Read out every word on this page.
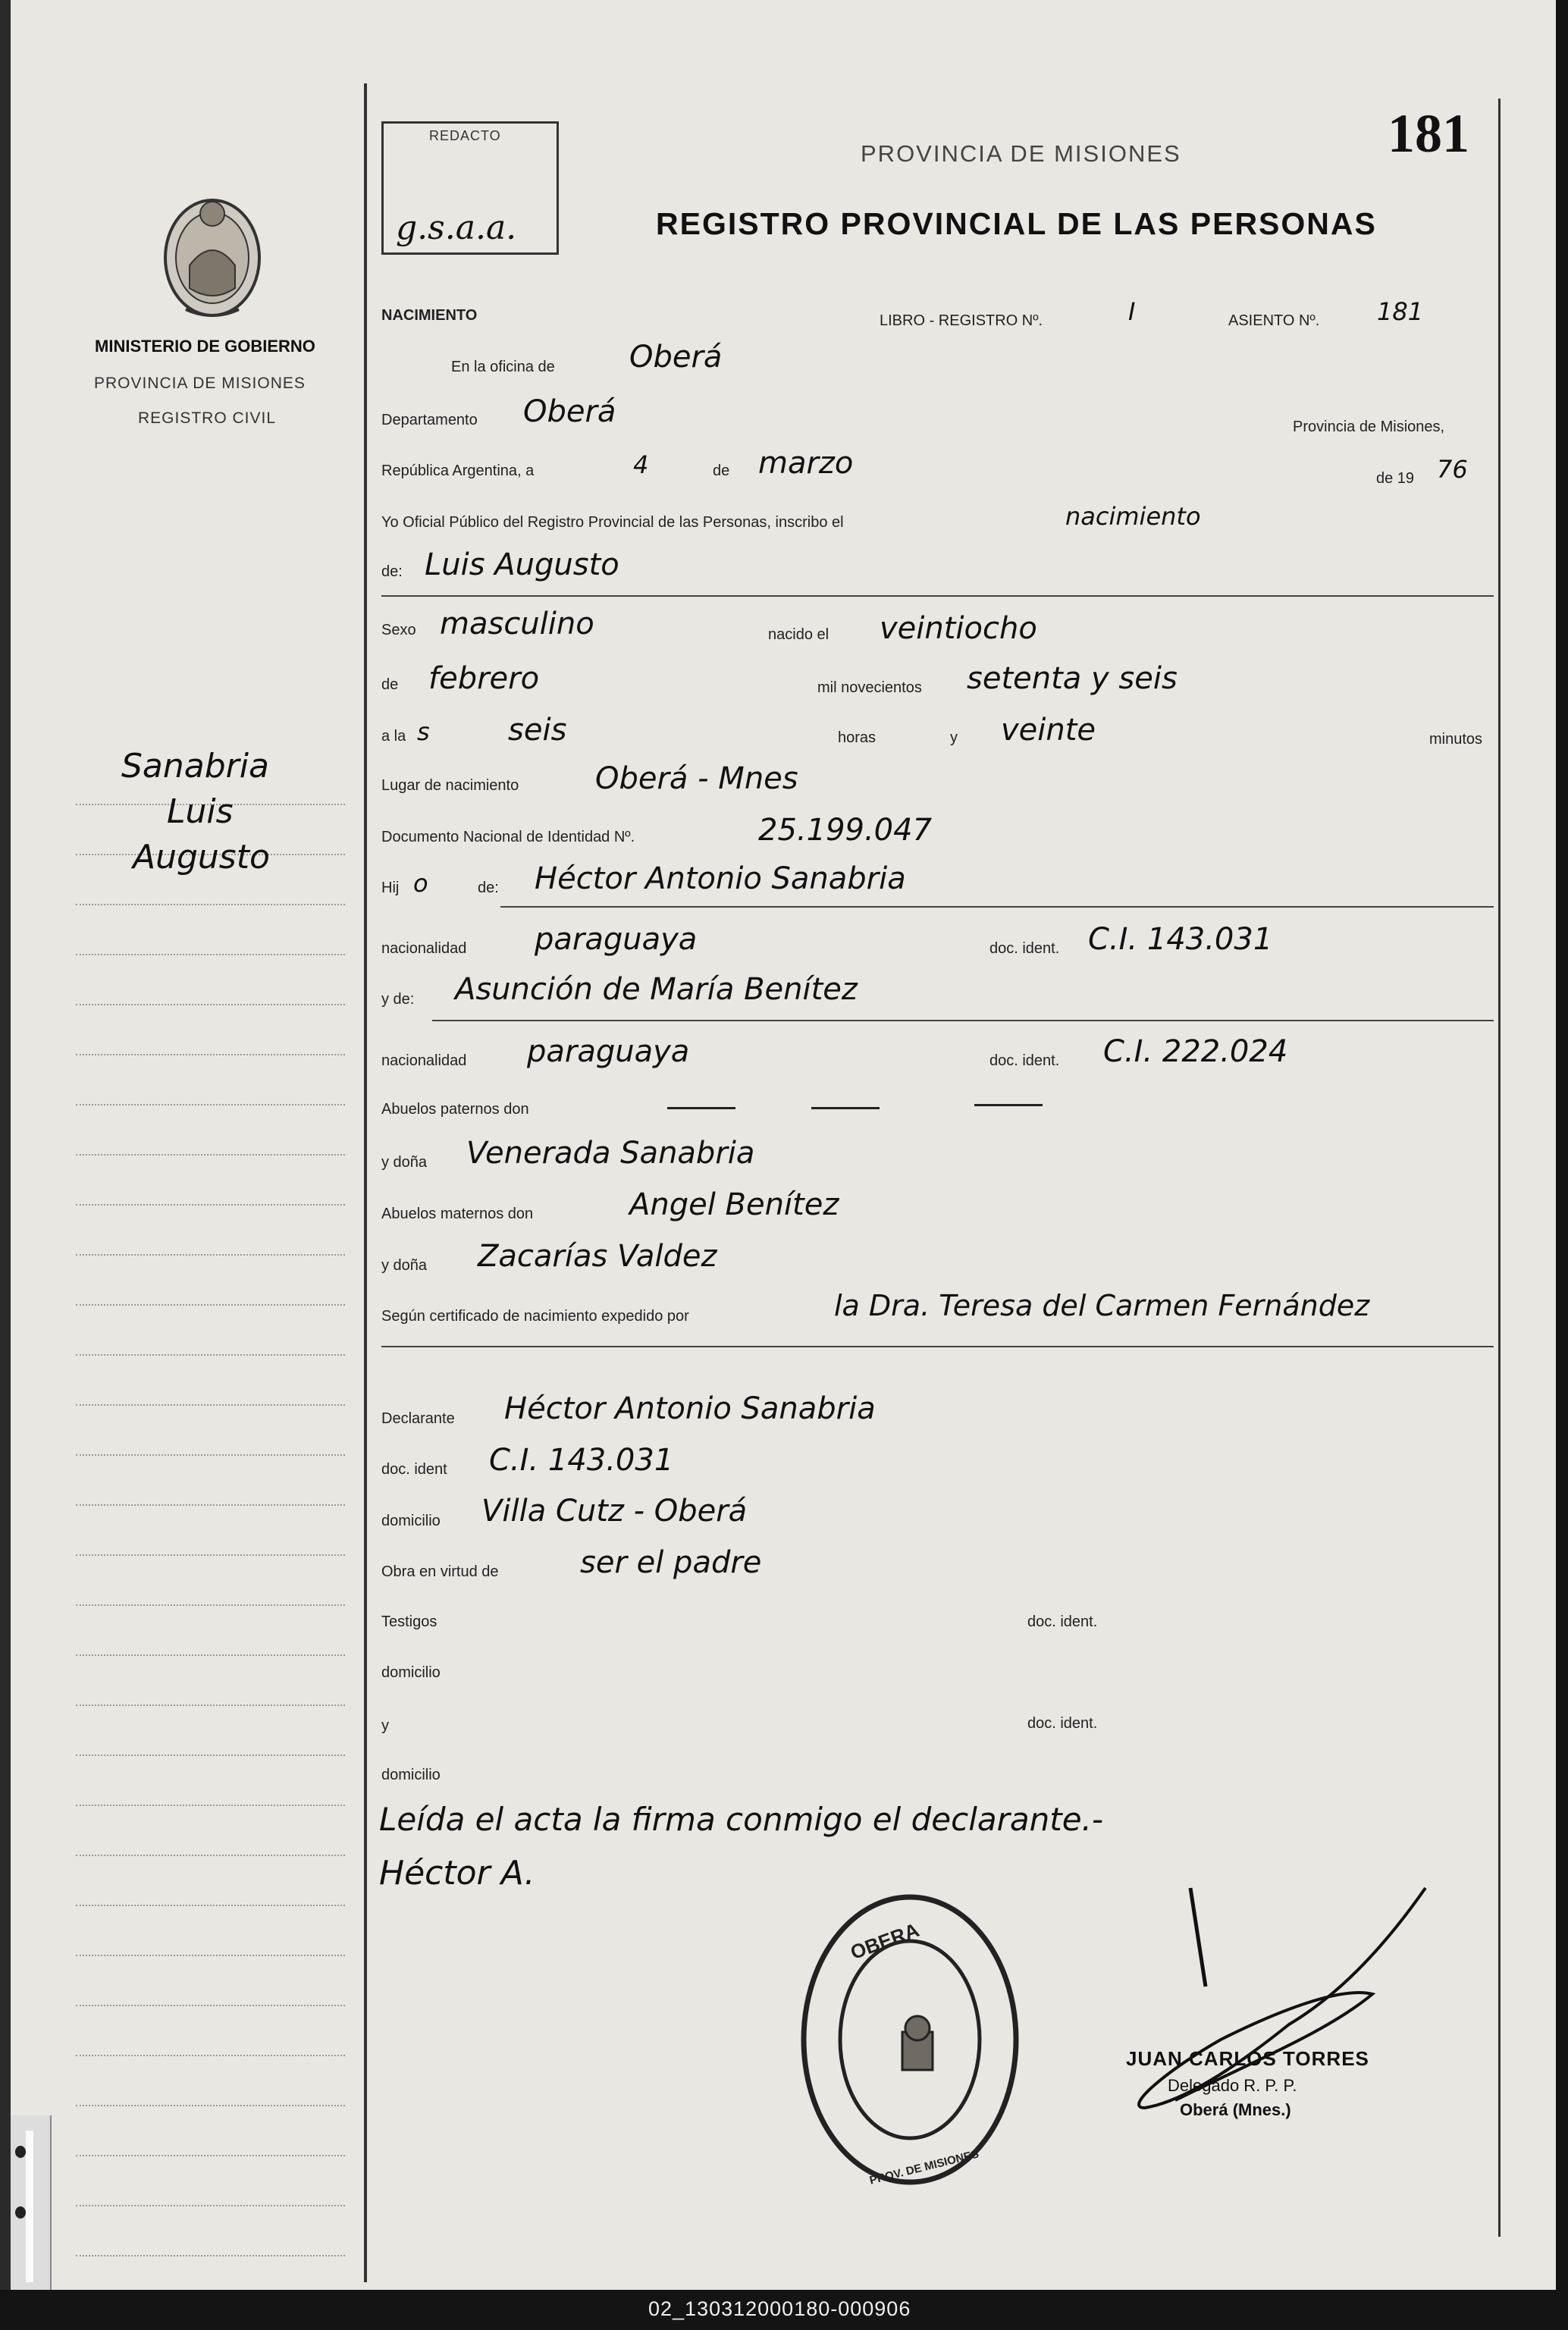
MINISTERIO DE GOBIERNO
PROVINCIA DE MISIONES
REGISTRO CIVIL
Sanabria
Luis
Augusto
REDACTO
g.s.a.a.
181
PROVINCIA DE MISIONES
REGISTRO PROVINCIAL DE LAS PERSONAS
NACIMIENTO	LIBRO - REGISTRO Nº.	I	ASIENTO Nº. 181
En la oficina de Oberá
Departamento Oberá	Provincia de Misiones,
República Argentina, a	4	de marzo	de 19 76
Yo Oficial Público del Registro Provincial de las Personas, inscribo el	nacimiento
de: Luis Augusto
Sexo masculino	nacido el veintiocho
de febrero	mil novecientos setenta y seis
a la s	seis	horas	y veinte	minutos
Lugar de nacimiento	Oberá - Mnes
Documento Nacional de Identidad Nº.	25.199.047
Hij o	de: Héctor Antonio Sanabria
nacionalidad paraguaya	doc. ident. C.I. 143.031
y de: Asunción de María Benítez
nacionalidad paraguaya	doc. ident. C.I. 222.024
Abuelos paternos don
y doña Venerada Sanabria
Abuelos maternos don	Angel Benítez
y doña Zacarías Valdez
Según certificado de nacimiento expedido por	la Dra. Teresa del Carmen Fernández
Declarante Héctor Antonio Sanabria
doc. ident C.I. 143.031
domicilio Villa Cutz - Oberá
Obra en virtud de	ser el padre
Testigos	doc. ident.
domicilio
y	doc. ident.
domicilio
Leída el acta la firma conmigo el declarante.-
Héctor A.
OBERA
PROV. DE MISIONES
JUAN CARLOS TORRES
Delegado R. P. P.
Oberá (Mnes.)
02_130312000180-000906
